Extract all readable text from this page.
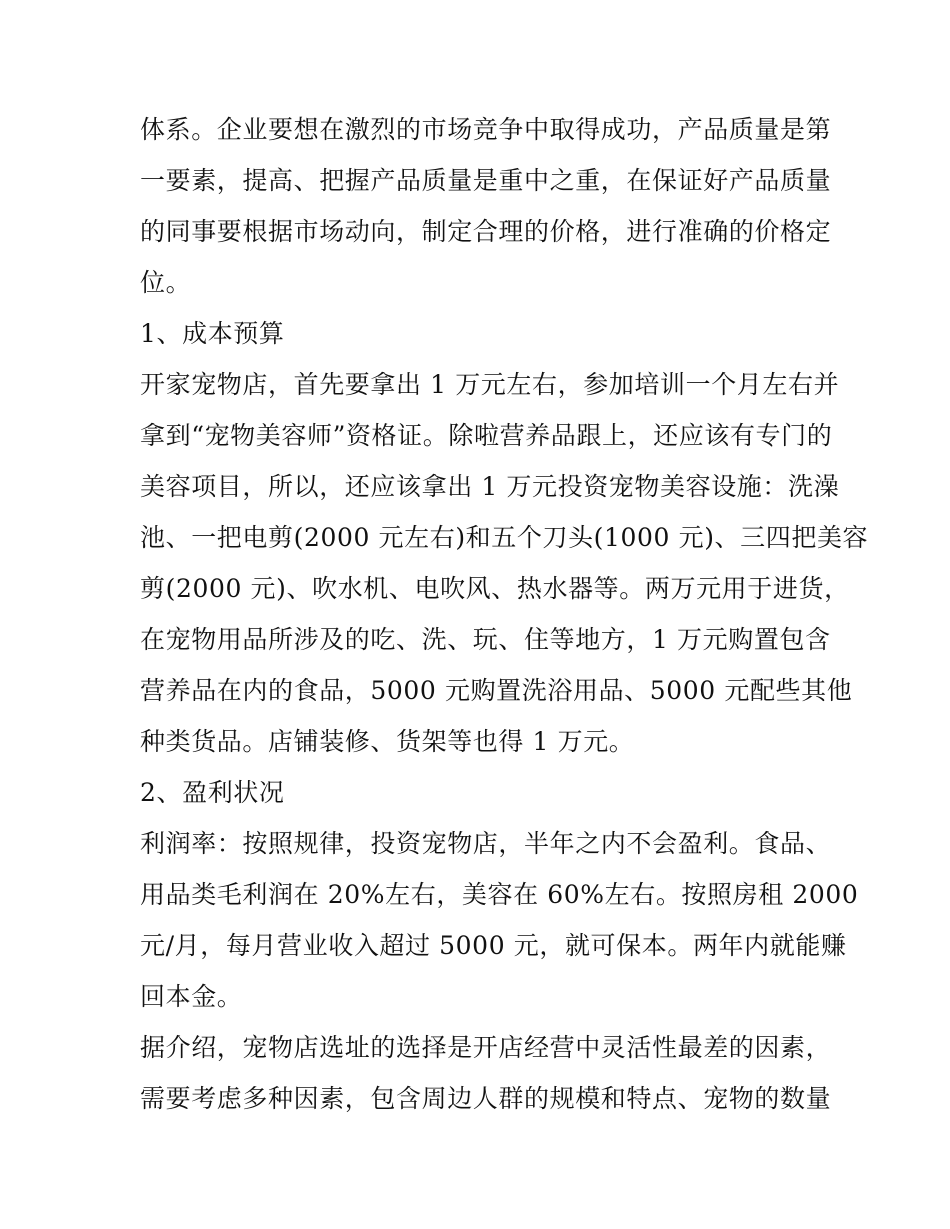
体系。企业要想在激烈的市场竞争中取得成功，产品质量是第
一要素，提高、把握产品质量是重中之重，在保证好产品质量
的同事要根据市场动向，制定合理的价格，进行准确的价格定
位。
1、成本预算
开家宠物店，首先要拿出 1 万元左右，参加培训一个月左右并
拿到“宠物美容师”资格证。除啦营养品跟上，还应该有专门的
美容项目，所以，还应该拿出 1 万元投资宠物美容设施：洗澡
池、一把电剪(2000 元左右)和五个刀头(1000 元)、三四把美容
剪(2000 元)、吹水机、电吹风、热水器等。两万元用于进货，
在宠物用品所涉及的吃、洗、玩、住等地方，1 万元购置包含
营养品在内的食品，5000 元购置洗浴用品、5000 元配些其他
种类货品。店铺装修、货架等也得 1 万元。
2、盈利状况
利润率：按照规律，投资宠物店，半年之内不会盈利。食品、
用品类毛利润在 20%左右，美容在 60%左右。按照房租 2000
元/月，每月营业收入超过 5000 元，就可保本。两年内就能赚
回本金。
据介绍，宠物店选址的选择是开店经营中灵活性最差的因素，
需要考虑多种因素，包含周边人群的规模和特点、宠物的数量
